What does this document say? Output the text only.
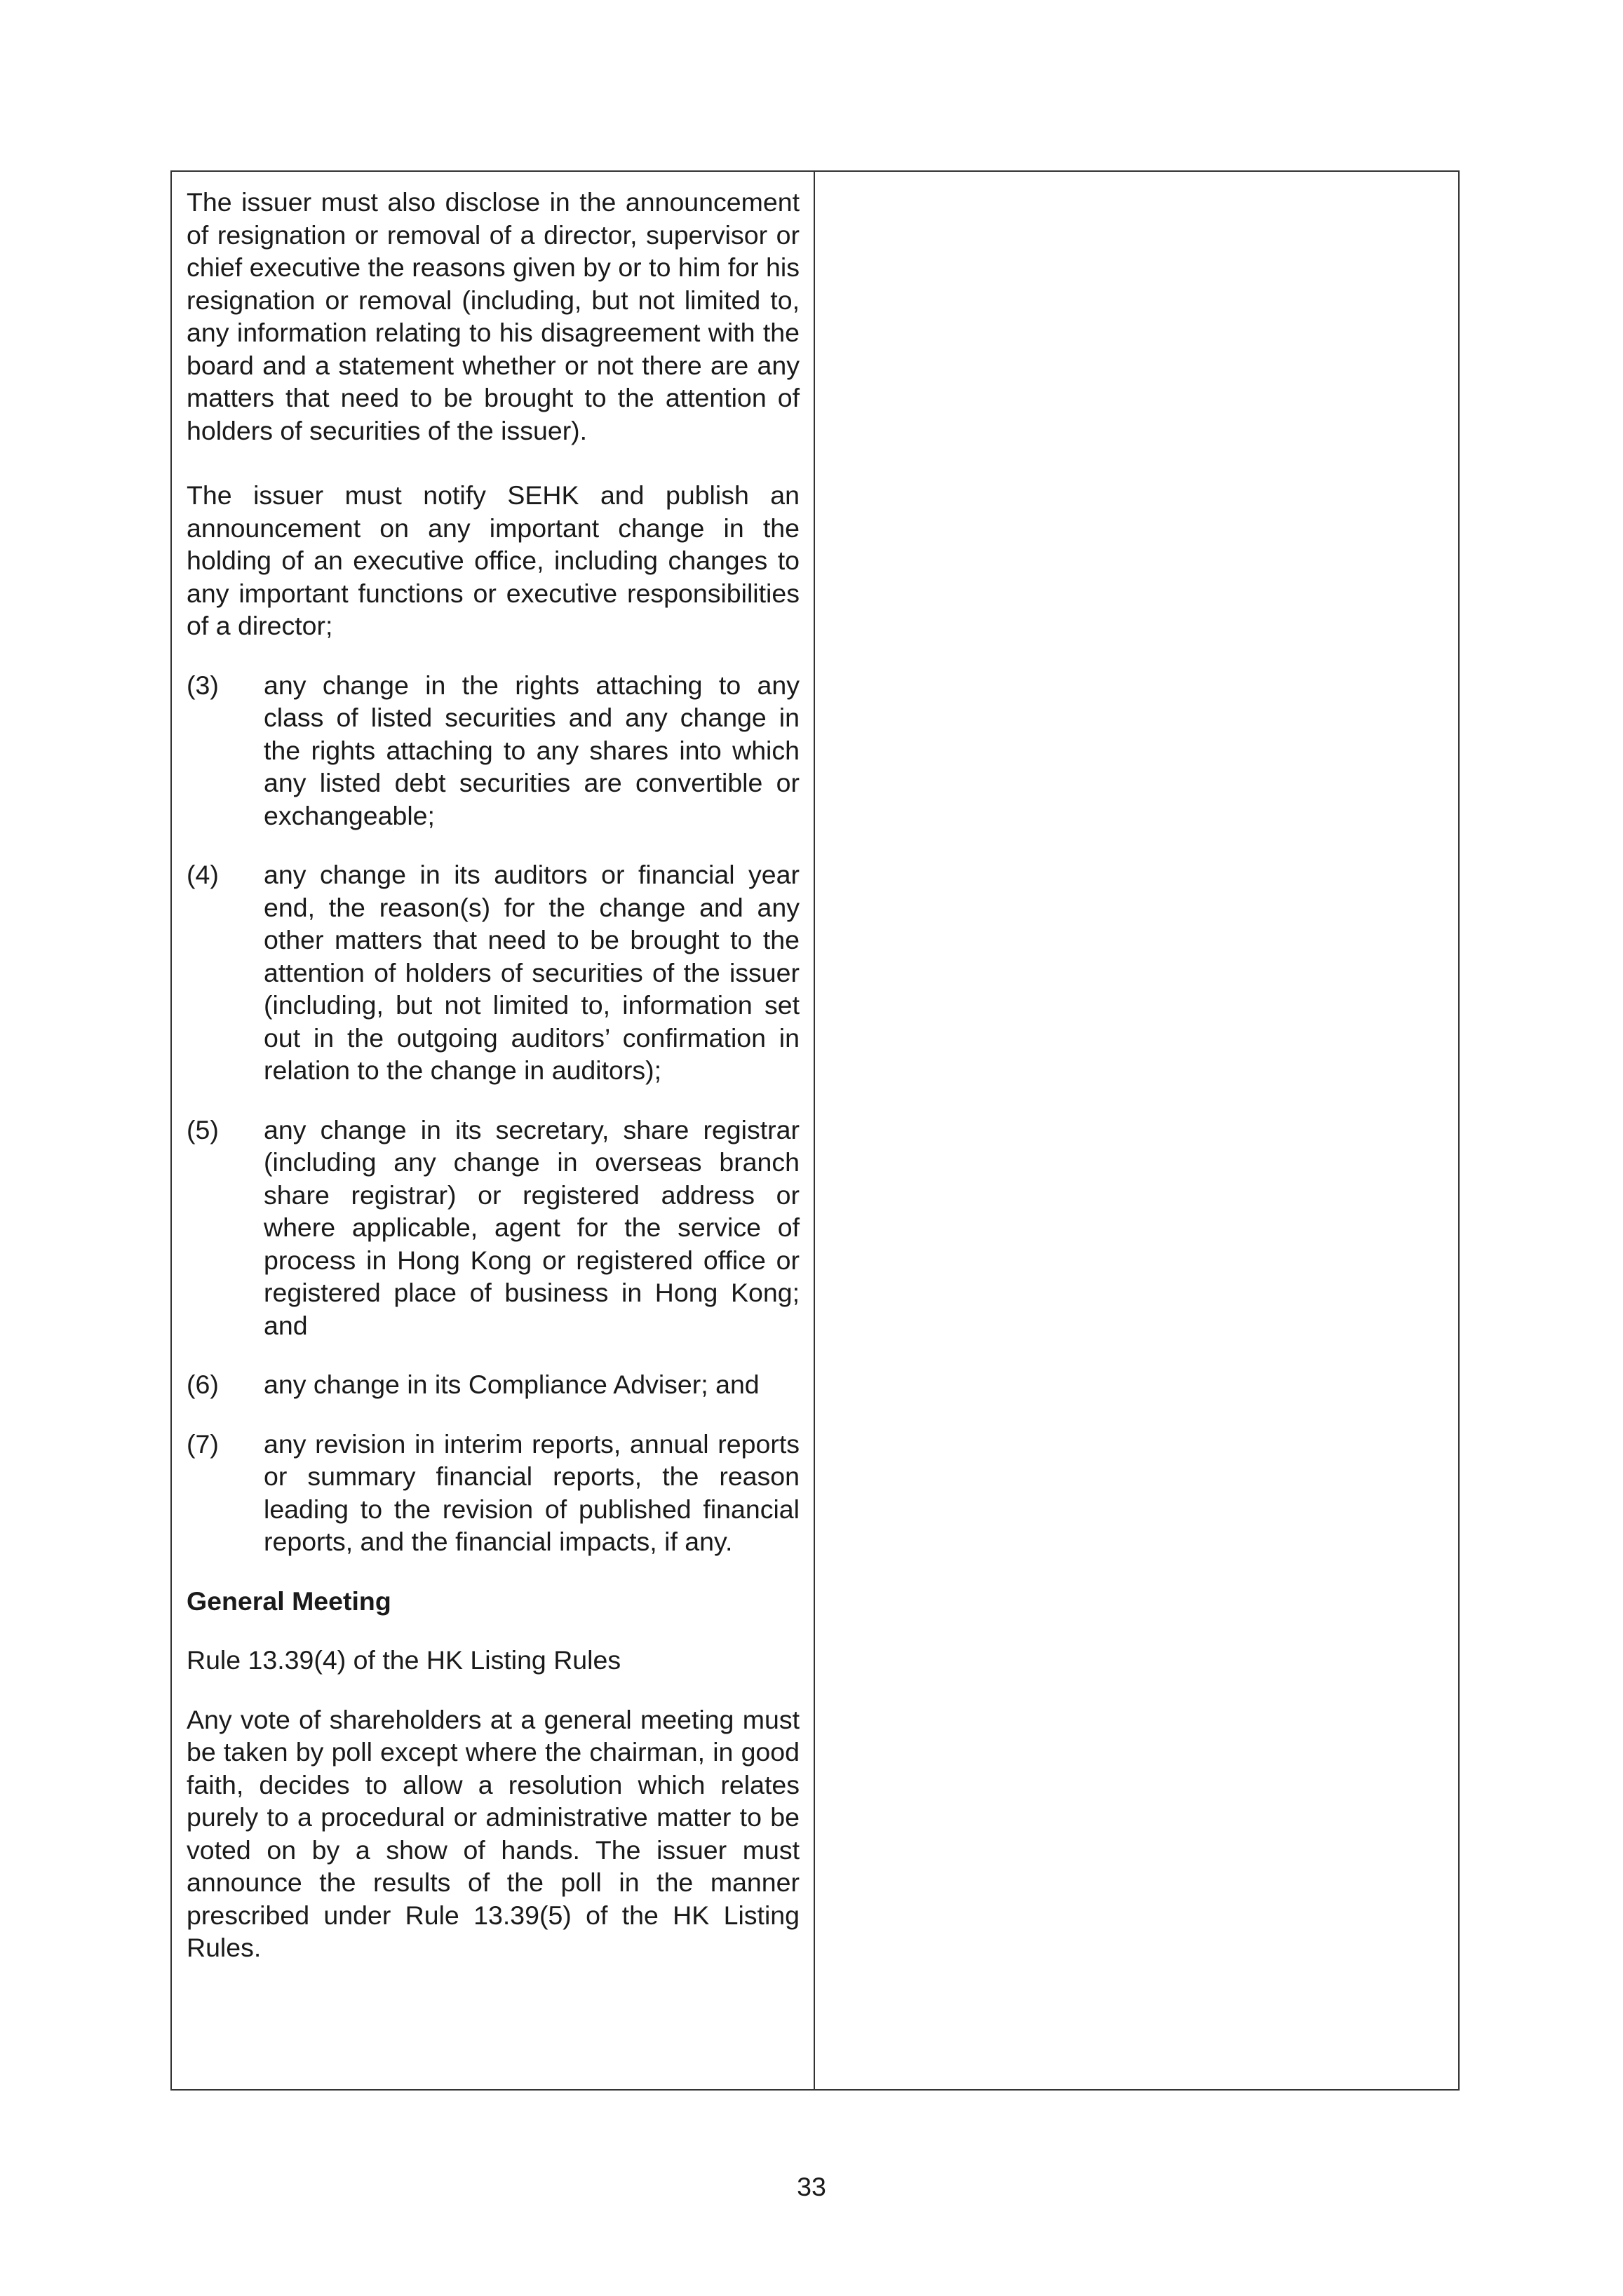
The issuer must also disclose in the announcement of resignation or removal of a director, supervisor or chief executive the reasons given by or to him for his resignation or removal (including, but not limited to, any information relating to his disagreement with the board and a statement whether or not there are any matters that need to be brought to the attention of holders of securities of the issuer).

The issuer must notify SEHK and publish an announcement on any important change in the holding of an executive office, including changes to any important functions or executive responsibilities of a director;

(3)	any change in the rights attaching to any class of listed securities and any change in the rights attaching to any shares into which any listed debt securities are convertible or exchangeable;
(4)	any change in its auditors or financial year end, the reason(s) for the change and any other matters that need to be brought to the attention of holders of securities of the issuer (including, but not limited to, information set out in the outgoing auditors’ confirmation in relation to the change in auditors);
(5)	any change in its secretary, share registrar (including any change in overseas branch share registrar) or registered address or where applicable, agent for the service of process in Hong Kong or registered office or registered place of business in Hong Kong; and
(6)	any change in its Compliance Adviser; and
(7)	any revision in interim reports, annual reports or summary financial reports, the reason leading to the revision of published financial reports, and the financial impacts, if any.
General Meeting
Rule 13.39(4) of the HK Listing Rules

Any vote of shareholders at a general meeting must be taken by poll except where the chairman, in good faith, decides to allow a resolution which relates purely to a procedural or administrative matter to be voted on by a show of hands. The issuer must announce the results of the poll in the manner prescribed under Rule 13.39(5) of the HK Listing Rules.

33
